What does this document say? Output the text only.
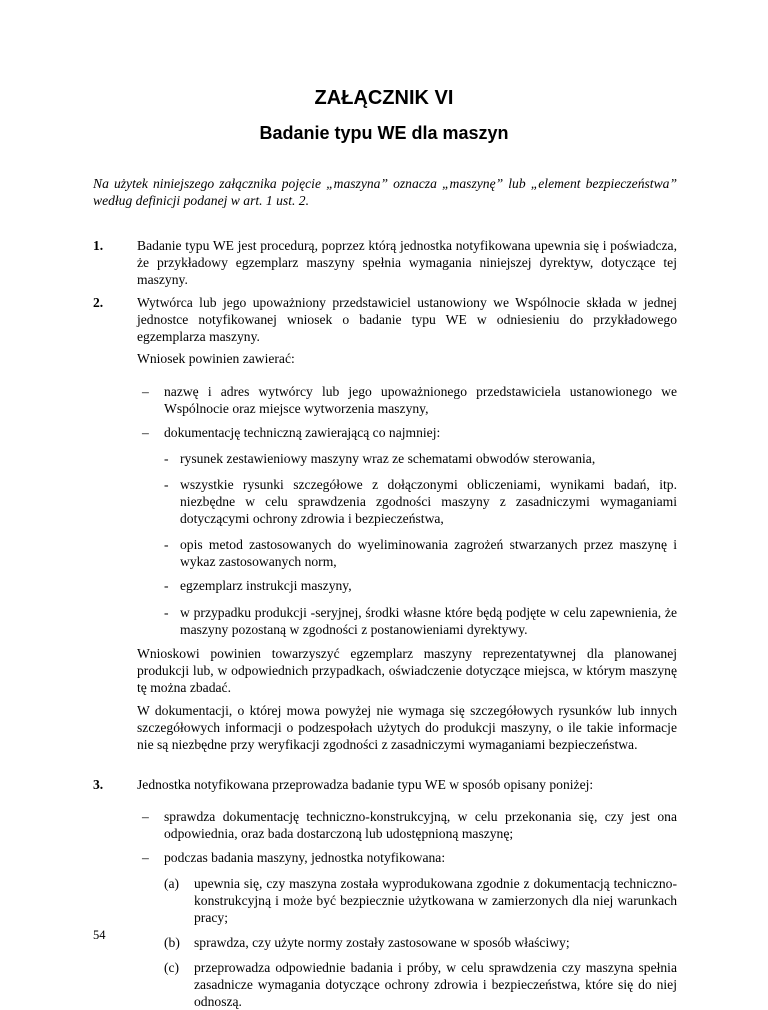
ZAŁĄCZNIK VI
Badanie typu WE dla maszyn
Na użytek niniejszego załącznika pojęcie „maszyna” oznacza „maszynę” lub „element bezpieczeństwa” według definicji podanej w art. 1 ust. 2.
1. Badanie typu WE jest procedurą, poprzez którą jednostka notyfikowana upewnia się i poświadcza, że przykładowy egzemplarz maszyny spełnia wymagania niniejszej dyrektyw, dotyczące tej maszyny.
2. Wytwórca lub jego upoważniony przedstawiciel ustanowiony we Wspólnocie składa w jednej jednostce notyfikowanej wniosek o badanie typu WE w odniesieniu do przykładowego egzemplarza maszyny.
Wniosek powinien zawierać:
– nazwę i adres wytwórcy lub jego upoważnionego przedstawiciela ustanowionego we Wspólnocie oraz miejsce wytworzenia maszyny,
– dokumentację techniczną zawierającą co najmniej:
- rysunek zestawieniowy maszyny wraz ze schematami obwodów sterowania,
- wszystkie rysunki szczegółowe z dołączonymi obliczeniami, wynikami badań, itp. niezbędne w celu sprawdzenia zgodności maszyny z zasadniczymi wymaganiami dotyczącymi ochrony zdrowia i bezpieczeństwa,
- opis metod zastosowanych do wyeliminowania zagrożeń stwarzanych przez maszynę i wykaz zastosowanych norm,
- egzemplarz instrukcji maszyny,
- w przypadku produkcji -seryjnej, środki własne które będą podjęte w celu zapewnienia, że maszyny pozostaną w zgodności z postanowieniami dyrektywy.
Wnioskowi powinien towarzyszyć egzemplarz maszyny reprezentatywnej dla planowanej produkcji lub, w odpowiednich przypadkach, oświadczenie dotyczące miejsca, w którym maszynę tę można zbadać.
W dokumentacji, o której mowa powyżej nie wymaga się szczegółowych rysunków lub innych szczegółowych informacji o podzespołach użytych do produkcji maszyny, o ile takie informacje nie są niezbędne przy weryfikacji zgodności z zasadniczymi wymaganiami bezpieczeństwa.
3. Jednostka notyfikowana przeprowadza badanie typu WE w sposób opisany poniżej:
– sprawdza dokumentację techniczno-konstrukcyjną, w celu przekonania się, czy jest ona odpowiednia, oraz bada dostarczoną lub udostępnioną maszynę;
– podczas badania maszyny, jednostka notyfikowana:
(a) upewnia się, czy maszyna została wyprodukowana zgodnie z dokumentacją techniczno-konstrukcyjną i może być bezpiecznie użytkowana w zamierzonych dla niej warunkach pracy;
(b) sprawdza, czy użyte normy zostały zastosowane w sposób właściwy;
(c) przeprowadza odpowiednie badania i próby, w celu sprawdzenia czy maszyna spełnia zasadnicze wymagania dotyczące ochrony zdrowia i bezpieczeństwa, które się do niej odnoszą.
54
